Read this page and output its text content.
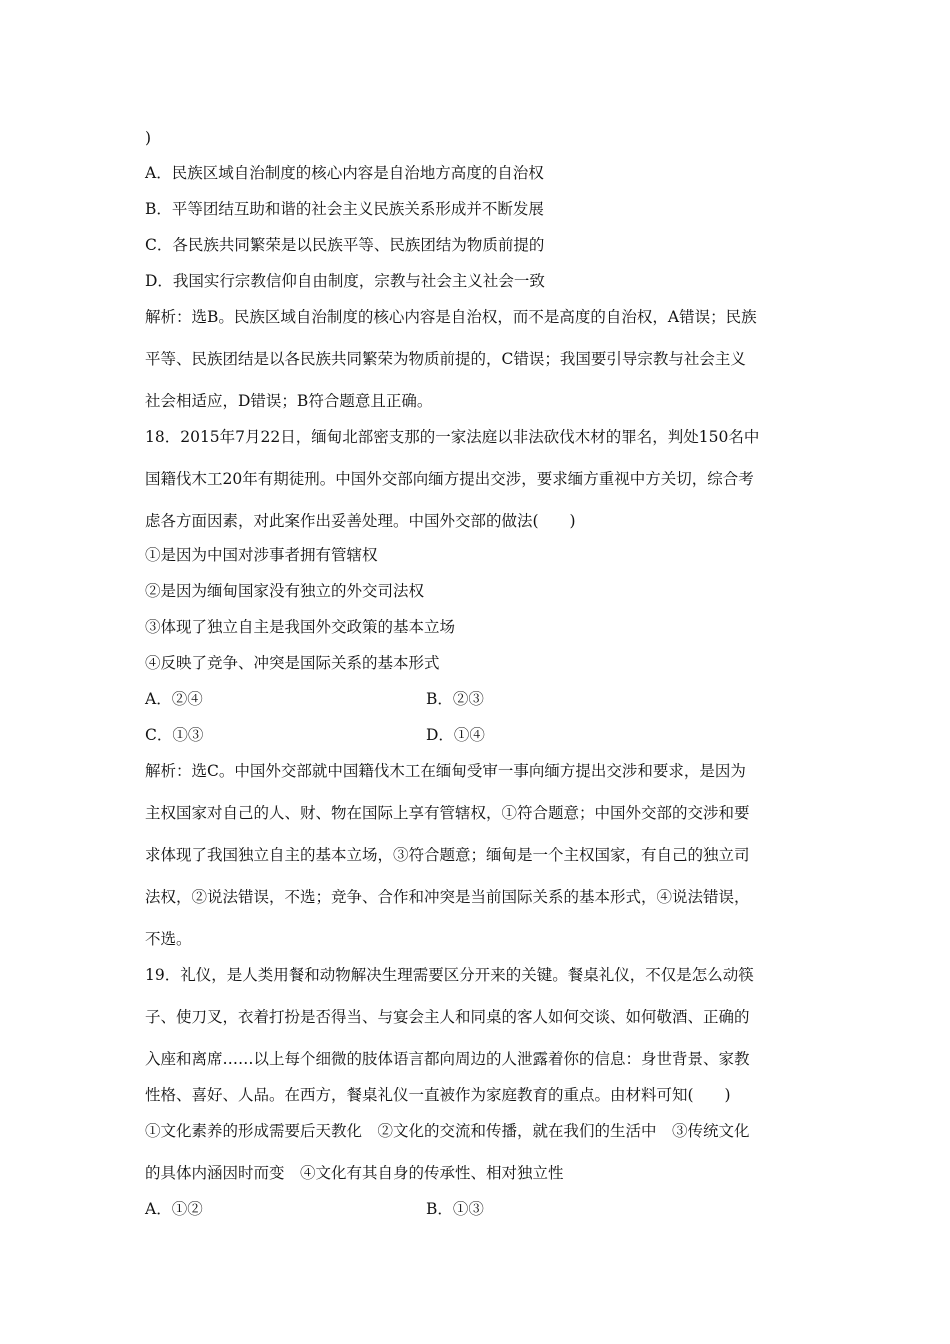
)
A．民族区域自治制度的核心内容是自治地方高度的自治权
B．平等团结互助和谐的社会主义民族关系形成并不断发展
C．各民族共同繁荣是以民族平等、民族团结为物质前提的
D．我国实行宗教信仰自由制度，宗教与社会主义社会一致
解析：选B。民族区域自治制度的核心内容是自治权，而不是高度的自治权，A错误；民族
平等、民族团结是以各民族共同繁荣为物质前提的，C错误；我国要引导宗教与社会主义
社会相适应，D错误；B符合题意且正确。
18．2015年7月22日，缅甸北部密支那的一家法庭以非法砍伐木材的罪名，判处150名中
国籍伐木工20年有期徒刑。中国外交部向缅方提出交涉，要求缅方重视中方关切，综合考
虑各方面因素，对此案作出妥善处理。中国外交部的做法(　　)
①是因为中国对涉事者拥有管辖权
②是因为缅甸国家没有独立的外交司法权
③体现了独立自主是我国外交政策的基本立场
④反映了竞争、冲突是国际关系的基本形式
A．②④	B．②③
C．①③	D．①④
解析：选C。中国外交部就中国籍伐木工在缅甸受审一事向缅方提出交涉和要求，是因为
主权国家对自己的人、财、物在国际上享有管辖权，①符合题意；中国外交部的交涉和要
求体现了我国独立自主的基本立场，③符合题意；缅甸是一个主权国家，有自己的独立司
法权，②说法错误，不选；竞争、合作和冲突是当前国际关系的基本形式，④说法错误，
不选。
19．礼仪，是人类用餐和动物解决生理需要区分开来的关键。餐桌礼仪，不仅是怎么动筷
子、使刀叉，衣着打扮是否得当、与宴会主人和同桌的客人如何交谈、如何敬酒、正确的
入座和离席……以上每个细微的肢体语言都向周边的人泄露着你的信息：身世背景、家教
性格、喜好、人品。在西方，餐桌礼仪一直被作为家庭教育的重点。由材料可知(　　)
①文化素养的形成需要后天教化　②文化的交流和传播，就在我们的生活中　③传统文化
的具体内涵因时而变　④文化有其自身的传承性、相对独立性
A．①②	B．①③
